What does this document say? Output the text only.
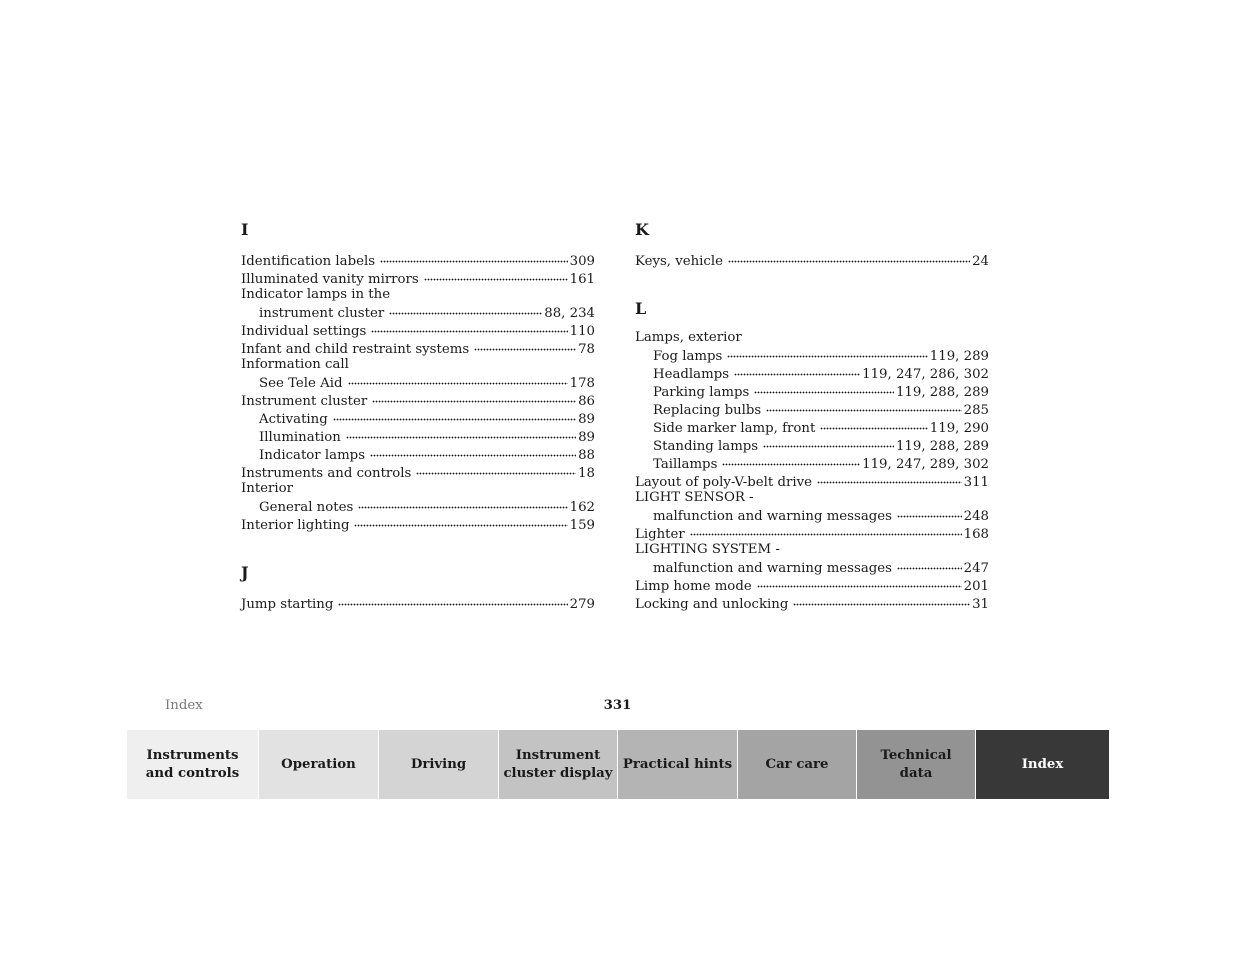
I
Identification labels	309
Illuminated vanity mirrors	161
Indicator lamps in the
instrument cluster	88, 234
Individual settings	110
Infant and child restraint systems	78
Information call
See Tele Aid	178
Instrument cluster	86
Activating	89
Illumination	89
Indicator lamps	88
Instruments and controls	18
Interior
General notes	162
Interior lighting	159
J
Jump starting	279
K
Keys, vehicle	24
L
Lamps, exterior
Fog lamps	119, 289
Headlamps	119, 247, 286, 302
Parking lamps	119, 288, 289
Replacing bulbs	285
Side marker lamp, front	119, 290
Standing lamps	119, 288, 289
Taillamps	119, 247, 289, 302
Layout of poly-V-belt drive	311
LIGHT SENSOR -
malfunction and warning messages	248
Lighter	168
LIGHTING SYSTEM -
malfunction and warning messages	247
Limp home mode	201
Locking and unlocking	31
Index	331
Instruments
and controls
Operation	Driving
Instrument
cluster display
Practical hints	Car care
Technical
data
Index
